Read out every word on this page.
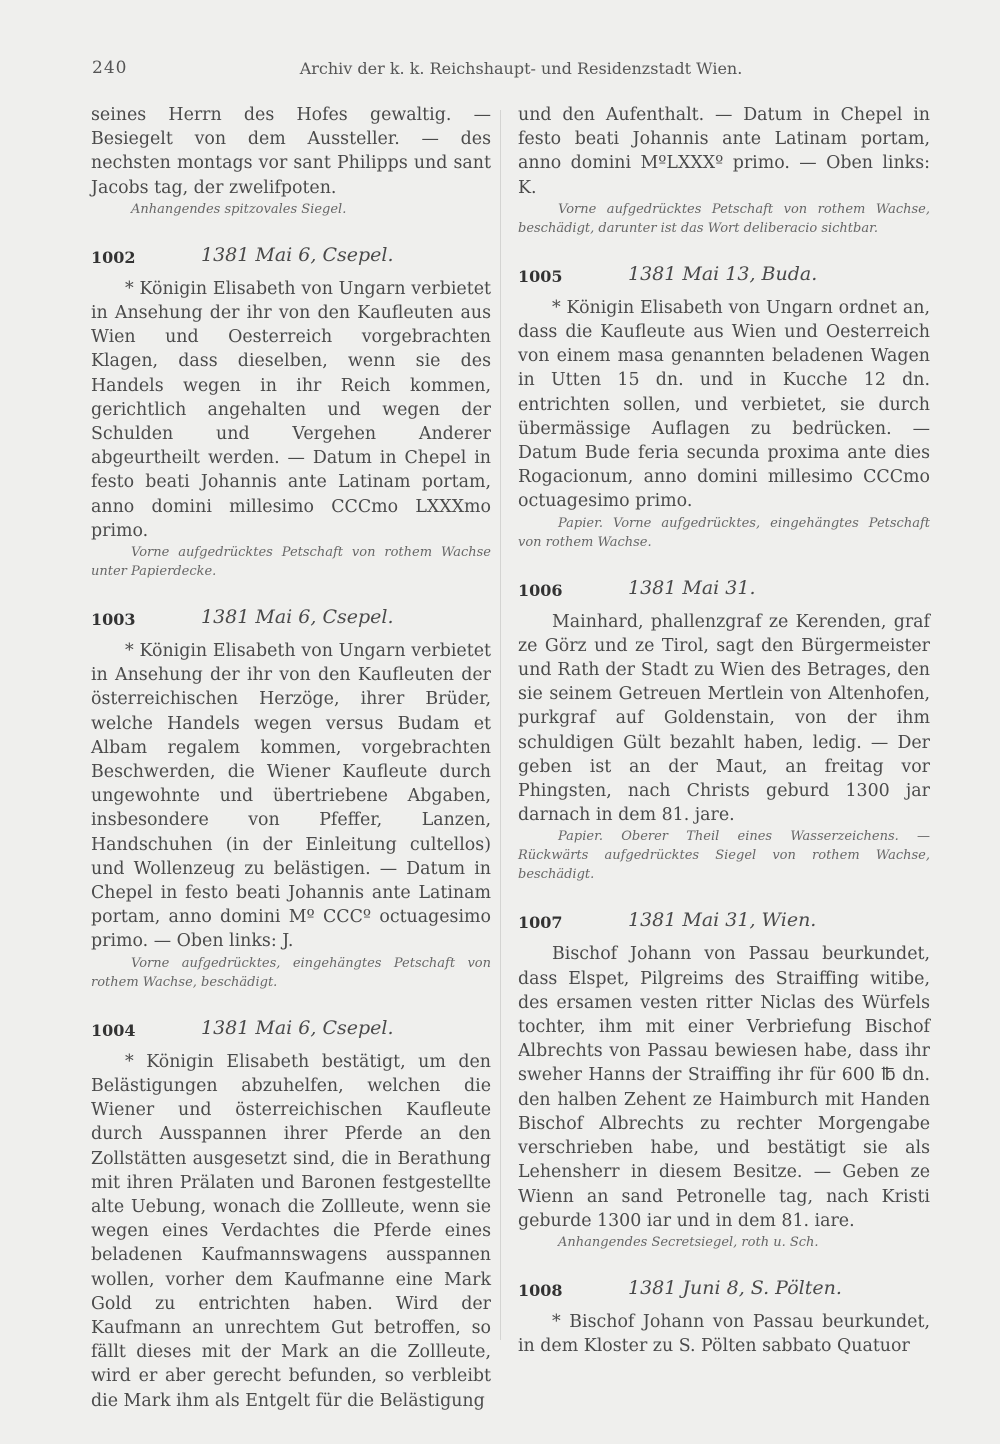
240	Archiv der k. k. Reichshaupt- und Residenzstadt Wien.

seines Herrn des Hofes gewaltig. — Besiegelt von dem Aussteller. — des nechsten montags vor sant Philipps und sant Jacobs tag, der zwelifpoten.

Anhangendes spitzovales Siegel.

1002	1381 Mai 6, Csepel.

* Königin Elisabeth von Ungarn verbietet in Ansehung der ihr von den Kaufleuten aus Wien und Oesterreich vorgebrachten Klagen, dass dieselben, wenn sie des Handels wegen in ihr Reich kommen, gerichtlich angehalten und wegen der Schulden und Vergehen Anderer abgeurtheilt werden. — Datum in Chepel in festo beati Johannis ante Latinam portam, anno domini millesimo CCCmo LXXXmo primo.

Vorne aufgedrücktes Petschaft von rothem Wachse unter Papierdecke.

1003	1381 Mai 6, Csepel.

* Königin Elisabeth von Ungarn verbietet in Ansehung der ihr von den Kaufleuten der österreichischen Herzöge, ihrer Brüder, welche Handels wegen versus Budam et Albam regalem kommen, vorgebrachten Beschwerden, die Wiener Kaufleute durch ungewohnte und übertriebene Abgaben, insbesondere von Pfeffer, Lanzen, Handschuhen (in der Einleitung cultellos) und Wollenzeug zu belästigen. — Datum in Chepel in festo beati Johannis ante Latinam portam, anno domini Mº CCCº octuagesimo primo. — Oben links: J.

Vorne aufgedrücktes, eingehängtes Petschaft von rothem Wachse, beschädigt.

1004	1381 Mai 6, Csepel.

* Königin Elisabeth bestätigt, um den Belästigungen abzuhelfen, welchen die Wiener und österreichischen Kaufleute durch Ausspannen ihrer Pferde an den Zollstätten ausgesetzt sind, die in Berathung mit ihren Prälaten und Baronen festgestellte alte Uebung, wonach die Zollleute, wenn sie wegen eines Verdachtes die Pferde eines beladenen Kaufmannswagens ausspannen wollen, vorher dem Kaufmanne eine Mark Gold zu entrichten haben. Wird der Kaufmann an unrechtem Gut betroffen, so fällt dieses mit der Mark an die Zollleute, wird er aber gerecht befunden, so verbleibt die Mark ihm als Entgelt für die Belästigung

und den Aufenthalt. — Datum in Chepel in festo beati Johannis ante Latinam portam, anno domini MºLXXXº primo. — Oben links: K.

Vorne aufgedrücktes Petschaft von rothem Wachse, beschädigt, darunter ist das Wort deliberacio sichtbar.

1005	1381 Mai 13, Buda.

* Königin Elisabeth von Ungarn ordnet an, dass die Kaufleute aus Wien und Oesterreich von einem masa genannten beladenen Wagen in Utten 15 dn. und in Kucche 12 dn. entrichten sollen, und verbietet, sie durch übermässige Auflagen zu bedrücken. — Datum Bude feria secunda proxima ante dies Rogacionum, anno domini millesimo CCCmo octuagesimo primo.

Papier. Vorne aufgedrücktes, eingehängtes Petschaft von rothem Wachse.

1006	1381 Mai 31.

Mainhard, phallenzgraf ze Kerenden, graf ze Görz und ze Tirol, sagt den Bürgermeister und Rath der Stadt zu Wien des Betrages, den sie seinem Getreuen Mertlein von Altenhofen, purkgraf auf Goldenstain, von der ihm schuldigen Gült bezahlt haben, ledig. — Der geben ist an der Maut, an freitag vor Phingsten, nach Christs geburd 1300 jar darnach in dem 81. jare.

Papier. Oberer Theil eines Wasserzeichens. — Rückwärts aufgedrücktes Siegel von rothem Wachse, beschädigt.

1007	1381 Mai 31, Wien.

Bischof Johann von Passau beurkundet, dass Elspet, Pilgreims des Straiffing witibe, des ersamen vesten ritter Niclas des Würfels tochter, ihm mit einer Verbriefung Bischof Albrechts von Passau bewiesen habe, dass ihr sweher Hanns der Straiffing ihr für 600 ℔ dn. den halben Zehent ze Haimburch mit Handen Bischof Albrechts zu rechter Morgengabe verschrieben habe, und bestätigt sie als Lehensherr in diesem Besitze. — Geben ze Wienn an sand Petronelle tag, nach Kristi geburde 1300 iar und in dem 81. iare.

Anhangendes Secretsiegel, roth u. Sch.

1008	1381 Juni 8, S. Pölten.

* Bischof Johann von Passau beurkundet, in dem Kloster zu S. Pölten sabbato Quatuor
